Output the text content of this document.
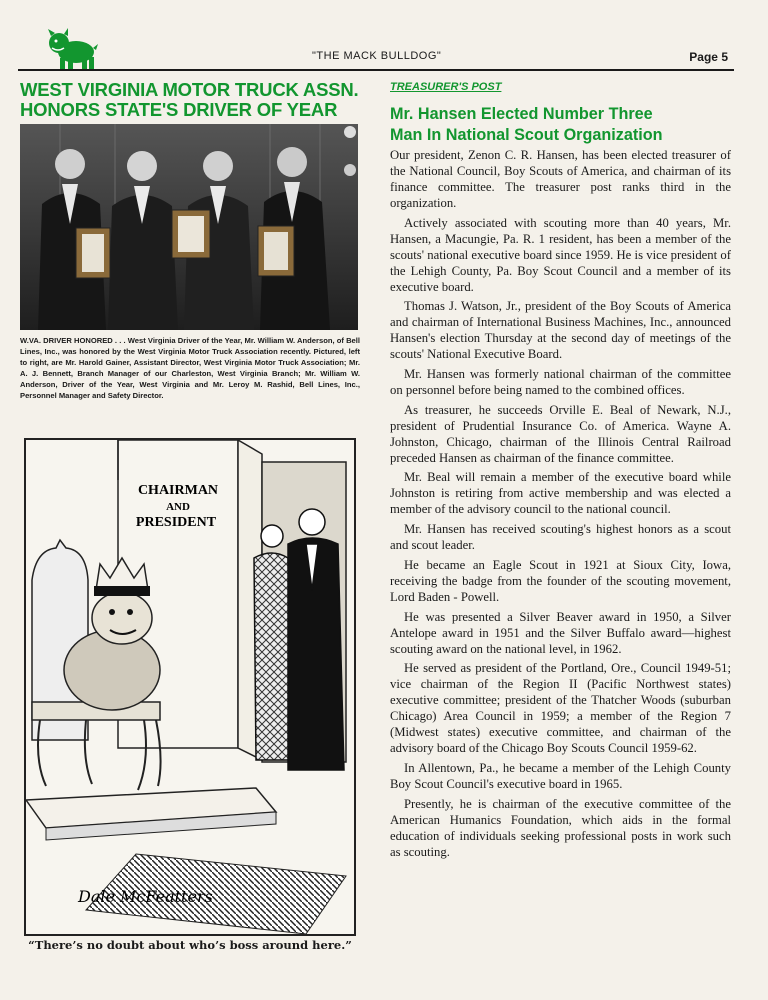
"THE MACK BULLDOG"	Page 5
WEST VIRGINIA MOTOR TRUCK ASSN.
HONORS STATE'S DRIVER OF YEAR
W.VA. DRIVER HONORED . . . West Virginia Driver of the Year, Mr. William W. Anderson, of Bell Lines, Inc., was honored by the West Virginia Motor Truck Association recently. Pictured, left to right, are Mr. Harold Gainer, Assistant Director, West Virginia Motor Truck Association; Mr. A. J. Bennett, Branch Manager of our Charleston, West Virginia Branch; Mr. William W. Anderson, Driver of the Year, West Virginia and Mr. Leroy M. Rashid, Bell Lines, Inc., Personnel Manager and Safety Director.
CHAIRMAN
AND
PRESIDENT
Dale McFeatters
“There’s no doubt about who’s boss around here.”
TREASURER'S POST
Mr. Hansen Elected Number Three
Man In National Scout Organization

Our president, Zenon C. R. Hansen, has been elected treasurer of the National Council, Boy Scouts of America, and chairman of its finance committee. The treasurer post ranks third in the organization.

Actively associated with scouting more than 40 years, Mr. Hansen, a Macungie, Pa. R. 1 resident, has been a member of the scouts' national executive board since 1959. He is vice president of the Lehigh County, Pa. Boy Scout Council and a member of its executive board.

Thomas J. Watson, Jr., president of the Boy Scouts of America and chairman of International Business Machines, Inc., announced Hansen's election Thursday at the second day of meetings of the scouts' National Executive Board.

Mr. Hansen was formerly national chairman of the committee on personnel before being named to the combined offices.

As treasurer, he succeeds Orville E. Beal of Newark, N.J., president of Prudential Insurance Co. of America. Wayne A. Johnston, Chicago, chairman of the Illinois Central Railroad preceded Hansen as chairman of the finance committee.

Mr. Beal will remain a member of the executive board while Johnston is retiring from active membership and was elected a member of the advisory council to the national council.

Mr. Hansen has received scouting's highest honors as a scout and scout leader.

He became an Eagle Scout in 1921 at Sioux City, Iowa, receiving the badge from the founder of the scouting movement, Lord Baden - Powell.

He was presented a Silver Beaver award in 1950, a Silver Antelope award in 1951 and the Silver Buffalo award—highest scouting award on the national level, in 1962.

He served as president of the Portland, Ore., Council 1949-51; vice chairman of the Region II (Pacific Northwest states) executive committee; president of the Thatcher Woods (suburban Chicago) Area Council in 1959; a member of the Region 7 (Midwest states) executive committee, and chairman of the advisory board of the Chicago Boy Scouts Council 1959-62.

In Allentown, Pa., he became a member of the Lehigh County Boy Scout Council's executive board in 1965.

Presently, he is chairman of the executive committee of the American Humanics Foundation, which aids in the formal education of individuals seeking professional posts in work such as scouting.
